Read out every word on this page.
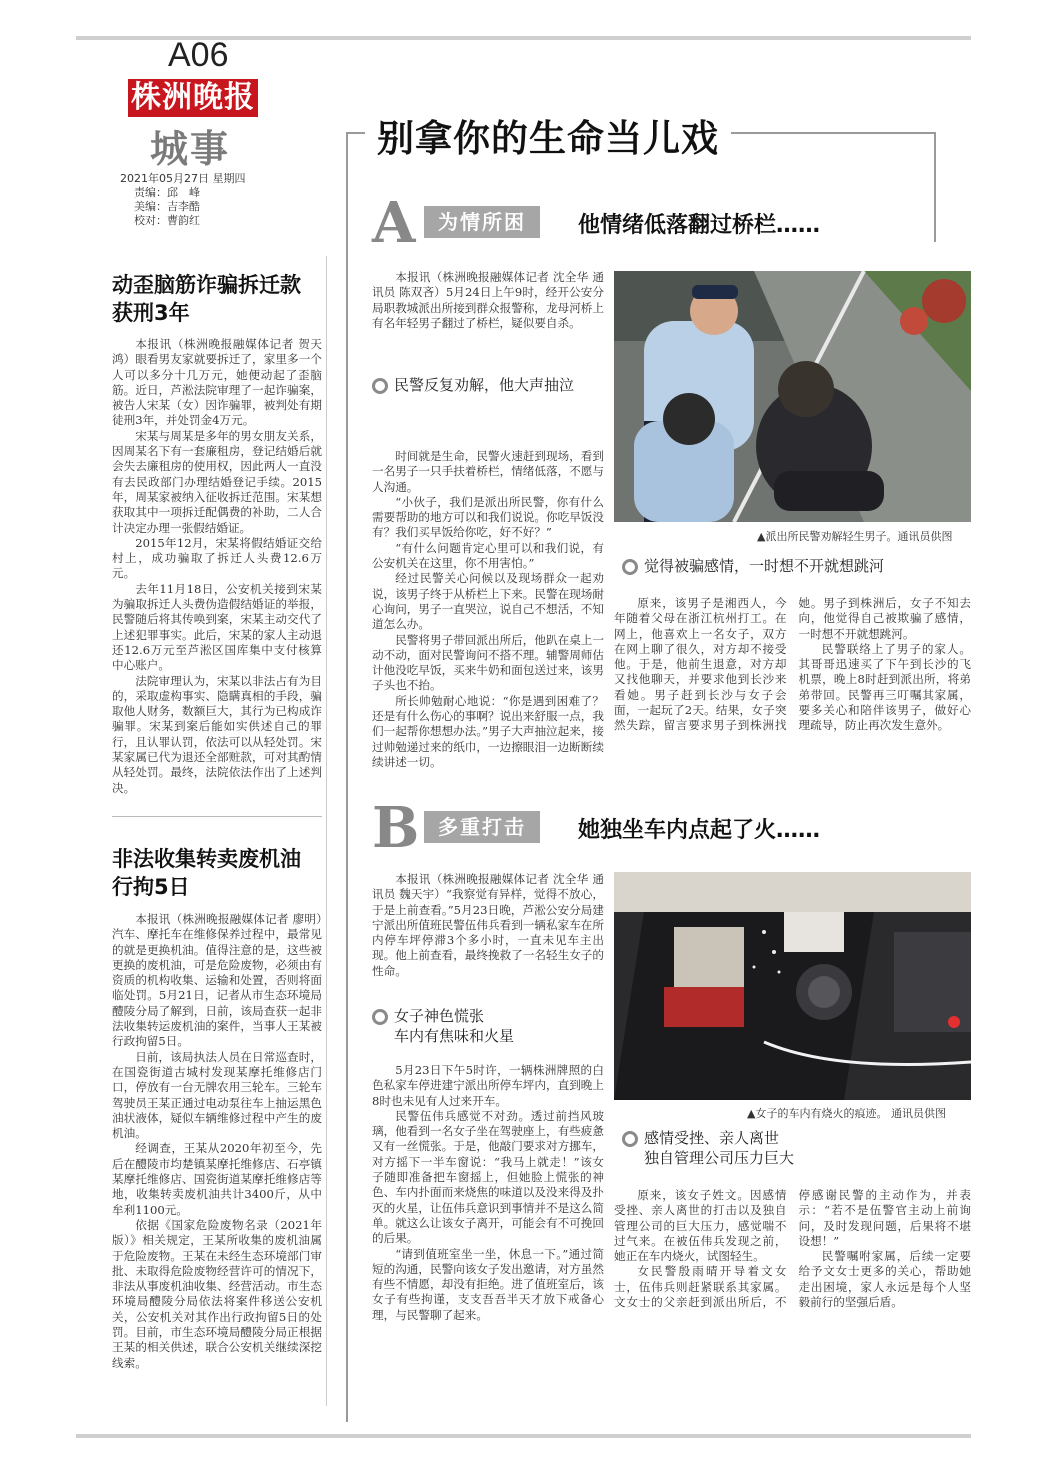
A06
株洲晚报
城事
2021年05月27日 星期四
责编：邱　峰
美编：吉李酷
校对：曹韵红
动歪脑筋诈骗拆迁款
获刑3年

本报讯（株洲晚报融媒体记者 贺天鸿）眼看男友家就要拆迁了，家里多一个人可以多分十几万元，她便动起了歪脑筋。近日，芦淞法院审理了一起诈骗案，被告人宋某（女）因诈骗罪，被判处有期徒刑3年，并处罚金4万元。

宋某与周某是多年的男女朋友关系，因周某名下有一套廉租房，登记结婚后就会失去廉租房的使用权，因此两人一直没有去民政部门办理结婚登记手续。2015年，周某家被纳入征收拆迁范围。宋某想获取其中一项拆迁配偶费的补助，二人合计决定办理一张假结婚证。

2015年12月，宋某将假结婚证交给村上，成功骗取了拆迁人头费12.6万元。

去年11月18日，公安机关接到宋某为骗取拆迁人头费伪造假结婚证的举报，民警随后将其传唤到案，宋某主动交代了上述犯罪事实。此后，宋某的家人主动退还12.6万元至芦淞区国库集中支付核算中心账户。

法院审理认为，宋某以非法占有为目的，采取虚构事实、隐瞒真相的手段，骗取他人财务，数额巨大，其行为已构成诈骗罪。宋某到案后能如实供述自己的罪行，且认罪认罚，依法可以从轻处罚。宋某家属已代为退还全部赃款，可对其酌情从轻处罚。最终，法院依法作出了上述判决。

非法收集转卖废机油
行拘5日

本报讯（株洲晚报融媒体记者 廖明）汽车、摩托车在维修保养过程中，最常见的就是更换机油。值得注意的是，这些被更换的废机油，可是危险废物，必须由有资质的机构收集、运输和处置，否则将面临处罚。5月21日，记者从市生态环境局醴陵分局了解到，日前，该局查获一起非法收集转运废机油的案件，当事人王某被行政拘留5日。

日前，该局执法人员在日常巡查时，在国瓷街道古城村发现某摩托维修店门口，停放有一台无牌农用三轮车。三轮车驾驶员王某正通过电动泵往车上抽运黑色油状液体，疑似车辆维修过程中产生的废机油。

经调查，王某从2020年初至今，先后在醴陵市均楚镇某摩托维修店、石亭镇某摩托维修店、国瓷街道某摩托维修店等地，收集转卖废机油共计3400斤，从中牟利1100元。

依据《国家危险废物名录（2021年版）》相关规定，王某所收集的废机油属于危险废物。王某在未经生态环境部门审批、未取得危险废物经营许可的情况下，非法从事废机油收集、经营活动。市生态环境局醴陵分局依法将案件移送公安机关，公安机关对其作出行政拘留5日的处罚。目前，市生态环境局醴陵分局正根据王某的相关供述，联合公安机关继续深挖线索。

别拿你的生命当儿戏
A	为情所困	他情绪低落翻过桥栏……

本报讯（株洲晚报融媒体记者 沈全华 通讯员 陈双吝）5月24日上午9时，经开公安分局职教城派出所接到群众报警称，龙母河桥上有名年轻男子翻过了桥栏，疑似要自杀。

民警反复劝解，他大声抽泣

时间就是生命，民警火速赶到现场，看到一名男子一只手扶着桥栏，情绪低落，不愿与人沟通。

“小伙子，我们是派出所民警，你有什么需要帮助的地方可以和我们说说。你吃早饭没有？我们买早饭给你吃，好不好？”

“有什么问题肯定心里可以和我们说，有公安机关在这里，你不用害怕。”

经过民警关心问候以及现场群众一起劝说，该男子终于从桥栏上下来。民警在现场耐心询问，男子一直哭泣，说自己不想活，不知道怎么办。

民警将男子带回派出所后，他趴在桌上一动不动，面对民警询问不搭不理。辅警周师估计他没吃早饭，买来牛奶和面包送过来，该男子头也不抬。

所长帅勉耐心地说：“你是遇到困难了？还是有什么伤心的事啊？说出来舒服一点，我们一起帮你想想办法。”男子大声抽泣起来，接过帅勉递过来的纸巾，一边擦眼泪一边断断续续讲述一切。

▲派出所民警劝解轻生男子。通讯员供图
觉得被骗感情，一时想不开就想跳河

原来，该男子是湘西人，今年随着父母在浙江杭州打工。在网上，他喜欢上一名女子，双方在网上聊了很久，对方却不接受他。于是，他前生退意，对方却又找他聊天，并要求他到长沙来看她。男子赶到长沙与女子会面，一起玩了2天。结果，女子突然失踪，留言要求男子到株洲找她。男子到株洲后，女子不知去向，他觉得自己被欺骗了感情，一时想不开就想跳河。

民警联络上了男子的家人。其哥哥迅速买了下午到长沙的飞机票，晚上8时赶到派出所，将弟弟带回。民警再三叮嘱其家属，要多关心和陪伴该男子，做好心理疏导，防止再次发生意外。

B 多重打击	她独坐车内点起了火……

本报讯（株洲晚报融媒体记者 沈全华 通讯员 魏天宇）“我察觉有异样，觉得不放心，于是上前查看。”5月23日晚，芦淞公安分局建宁派出所值班民警伍伟兵看到一辆私家车在所内停车坪停滞3个多小时，一直未见车主出现。他上前查看，最终挽救了一名轻生女子的性命。

女子神色慌张
车内有焦味和火星

5月23日下午5时许，一辆株洲牌照的白色私家车停进建宁派出所停车坪内，直到晚上8时也未见有人过来开车。

民警伍伟兵感觉不对劲。透过前挡风玻璃，他看到一名女子坐在驾驶座上，有些疲惫又有一丝慌张。于是，他敲门要求对方挪车，对方摇下一半车窗说：“我马上就走！”该女子随即准备把车窗摇上，但她脸上慌张的神色、车内扑面而来烧焦的味道以及没来得及扑灭的火星，让伍伟兵意识到事情并不是这么简单。就这么让该女子离开，可能会有不可挽回的后果。

“请到值班室坐一坐，休息一下。”通过简短的沟通，民警向该女子发出邀请，对方虽然有些不情愿，却没有拒绝。进了值班室后，该女子有些拘谨，支支吾吾半天才放下戒备心理，与民警聊了起来。

▲女子的车内有烧火的痕迹。 通讯员供图
感情受挫、亲人离世
独自管理公司压力巨大

原来，该女子姓文。因感情受挫、亲人离世的打击以及独自管理公司的巨大压力，感觉喘不过气来。在被伍伟兵发现之前，她正在车内烧火，试图轻生。

女民警殷雨晴开导着文女士，伍伟兵则赶紧联系其家属。文女士的父亲赶到派出所后，不停感谢民警的主动作为，并表示：“若不是伍警官主动上前询问，及时发现问题，后果将不堪设想！”

民警嘱咐家属，后续一定要给予文女士更多的关心，帮助她走出困境，家人永远是每个人坚毅前行的坚强后盾。
